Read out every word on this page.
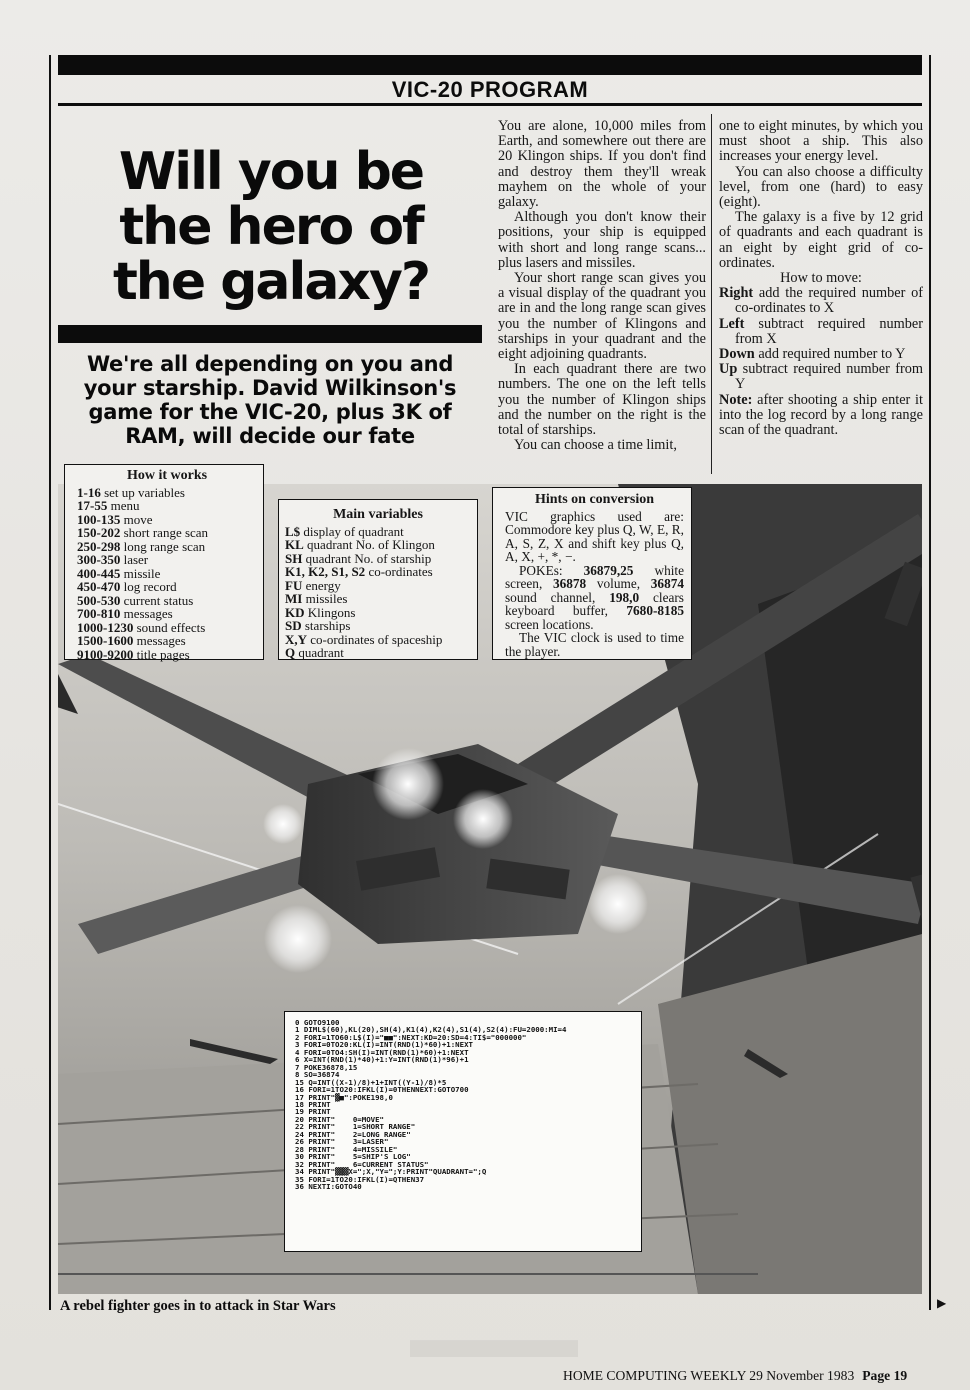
▬▬▬
VIC-20 PROGRAM
Will you be
the hero of
the galaxy?
We're all depending on you and your starship. David Wilkinson's game for the VIC-20, plus 3K of RAM, will decide our fate

You are alone, 10,000 miles from Earth, and somewhere out there are 20 Klingon ships. If you don't find and destroy them they'll wreak mayhem on the whole of your galaxy.

Although you don't know their positions, your ship is equipped with short and long range scans... plus lasers and missiles.

Your short range scan gives you a visual display of the quadrant you are in and the long range scan gives you the number of Klingons and starships in your quadrant and the eight adjoining quadrants.

In each quadrant there are two numbers. The one on the left tells you the number of Klingon ships and the number on the right is the total of starships.

You can choose a time limit,

one to eight minutes, by which you must shoot a ship. This also increases your energy level.

You can also choose a difficulty level, from one (hard) to easy (eight).

The galaxy is a five by 12 grid of quadrants and each quadrant is an eight by eight grid of co-ordinates.

How to move:

Right add the required number of co-ordinates to X

Left subtract required number from X

Down add required number to Y

Up subtract required number from Y

Note: after shooting a ship enter it into the log record by a long range scan of the quadrant.

How it works
1-16 set up variables
17-55 menu
100-135 move
150-202 short range scan
250-298 long range scan
300-350 laser
400-445 missile
450-470 log record
500-530 current status
700-810 messages
1000-1230 sound effects
1500-1600 messages
9100-9200 title pages
Main variables
L$ display of quadrant
KL quadrant No. of Klingon
SH quadrant No. of starship
K1, K2, S1, S2 co-ordinates
FU energy
MI missiles
KD Klingons
SD starships
X,Y co-ordinates of spaceship
Q quadrant
Hints on conversion
VIC graphics used are: Commodore key plus Q, W, E, R, A, S, Z, X and shift key plus Q, A, X, +, *, −.
POKEs: 36879,25 white screen, 36878 volume, 36874 sound channel, 198,0 clears keyboard buffer, 7680-8185 screen locations.
The VIC clock is used to time the player.
0 GOTO9100
1 DIML$(60),KL(20),SH(4),K1(4),K2(4),S1(4),S2(4):FU=2000:MI=4
2 FORI=1TO60:L$(I)="■■":NEXT:KD=20:SD=4:TI$="000000"
3 FORI=0TO20:KL(I)=INT(RND(1)*60)+1:NEXT
4 FORI=0TO4:SH(I)=INT(RND(1)*60)+1:NEXT
6 X=INT(RND(1)*40)+1:Y=INT(RND(1)*96)+1
7 POKE36878,15
8 SO=36874
15 Q=INT((X-1)/8)+1+INT((Y-1)/8)*5
16 FORI=1TO20:IFKL(I)=0THENNEXT:GOTO700
17 PRINT"▓■":POKE198,0
18 PRINT
19 PRINT
20 PRINT"    0=MOVE"
22 PRINT"    1=SHORT RANGE"
24 PRINT"    2=LONG RANGE"
26 PRINT"    3=LASER"
28 PRINT"    4=MISSILE"
30 PRINT"    5=SHIP'S LOG"
32 PRINT"    6=CURRENT STATUS"
34 PRINT"▓▓▓X=";X,"Y=";Y:PRINT"QUADRANT=";Q
35 FORI=1TO20:IFKL(I)=QTHEN37
36 NEXTI:GOTO40
A rebel fighter goes in to attack in Star Wars	▶
HOME COMPUTING WEEKLY 29 November 1983 Page 19
